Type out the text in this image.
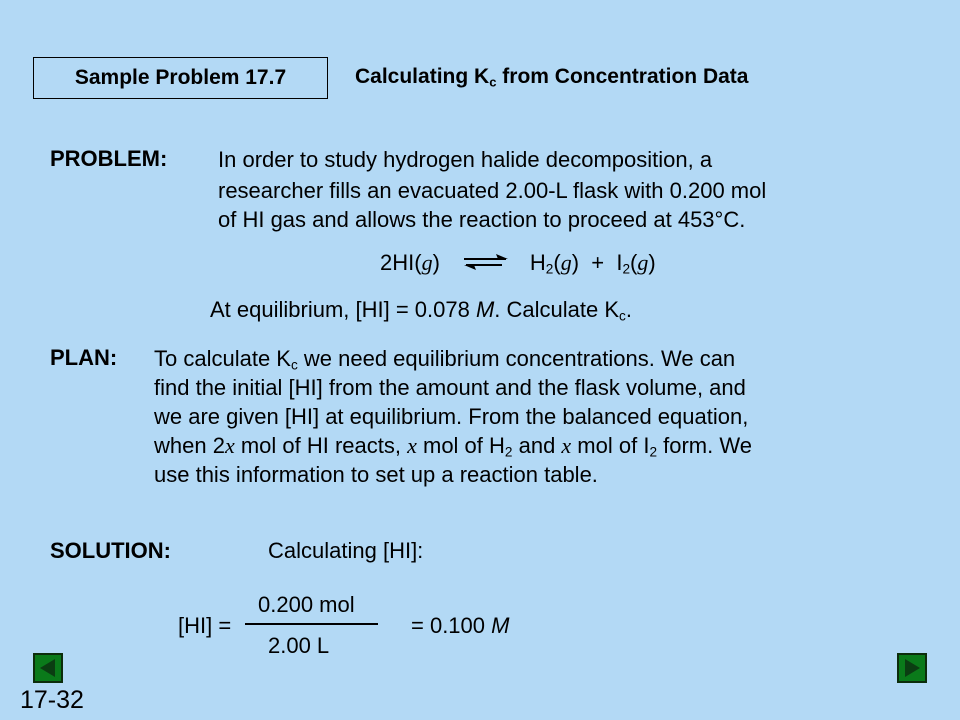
Sample Problem 17.7	Calculating $K_c$ from Concentration Data
PROBLEM: In order to study hydrogen halide decomposition, a
researcher fills an evacuated 2.00-L flask with 0.200 mol
of HI gas and allows the reaction to proceed at 453°C.
2HI(g) ⇌ $H_2(g) + I_2(g)$
At equilibrium, [HI] = 0.078 M. Calculate $K_c$.
PLAN: To calculate $K_c$ we need equilibrium concentrations. We can
find the initial [HI] from the amount and the flask volume, and
we are given [HI] at equilibrium. From the balanced equation,
when 2x mol of HI reacts, x mol of $H_2$ and x mol of $I_2$ form. We
use this information to set up a reaction table.
SOLUTION:	Calculating [HI]:
[HI] =
0.200 mol
2.00 L
= 0.100 M
17-32
